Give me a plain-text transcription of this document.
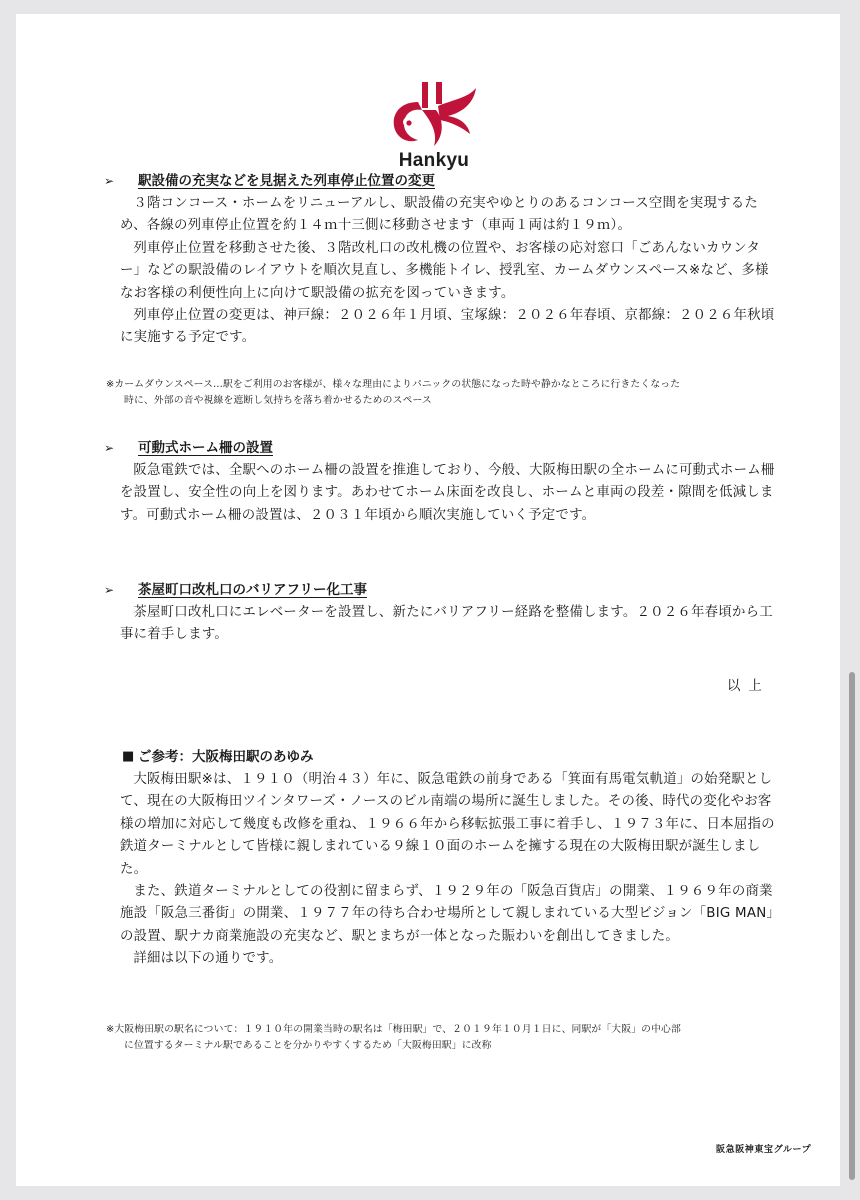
Hankyu
➢ 駅設備の充実などを見据えた列車停止位置の変更

３階コンコース・ホームをリニューアルし、駅設備の充実やゆとりのあるコンコース空間を実現するため、各線の列車停止位置を約１４ｍ十三側に移動させます（車両１両は約１９ｍ）。

列車停止位置を移動させた後、３階改札口の改札機の位置や、お客様の応対窓口「ごあんないカウンター」などの駅設備のレイアウトを順次見直し、多機能トイレ、授乳室、カームダウンスペース※など、多様なお客様の利便性向上に向けて駅設備の拡充を図っていきます。

列車停止位置の変更は、神戸線：２０２６年１月頃、宝塚線：２０２６年春頃、京都線：２０２６年秋頃に実施する予定です。

※カームダウンスペース…駅をご利用のお客様が、様々な理由によりパニックの状態になった時や静かなところに行きたくなった
時に、外部の音や視線を遮断し気持ちを落ち着かせるためのスペース
➢ 可動式ホーム柵の設置

阪急電鉄では、全駅へのホーム柵の設置を推進しており、今般、大阪梅田駅の全ホームに可動式ホーム柵を設置し、安全性の向上を図ります。あわせてホーム床面を改良し、ホームと車両の段差・隙間を低減します。可動式ホーム柵の設置は、２０３１年頃から順次実施していく予定です。

➢ 茶屋町口改札口のバリアフリー化工事

茶屋町口改札口にエレベーターを設置し、新たにバリアフリー経路を整備します。２０２６年春頃から工事に着手します。

以上
■ ご参考：大阪梅田駅のあゆみ

大阪梅田駅※は、１９１０（明治４３）年に、阪急電鉄の前身である「箕面有馬電気軌道」の始発駅として、現在の大阪梅田ツインタワーズ・ノースのビル南端の場所に誕生しました。その後、時代の変化やお客様の増加に対応して幾度も改修を重ね、１９６６年から移転拡張工事に着手し、１９７３年に、日本屈指の鉄道ターミナルとして皆様に親しまれている９線１０面のホームを擁する現在の大阪梅田駅が誕生しました。

また、鉄道ターミナルとしての役割に留まらず、１９２９年の「阪急百貨店」の開業、１９６９年の商業施設「阪急三番街」の開業、１９７７年の待ち合わせ場所として親しまれている大型ビジョン「BIG MAN」の設置、駅ナカ商業施設の充実など、駅とまちが一体となった賑わいを創出してきました。

詳細は以下の通りです。

※大阪梅田駅の駅名について：１９１０年の開業当時の駅名は「梅田駅」で、２０１９年１０月１日に、同駅が「大阪」の中心部
に位置するターミナル駅であることを分かりやすくするため「大阪梅田駅」に改称
阪急阪神東宝グループ
